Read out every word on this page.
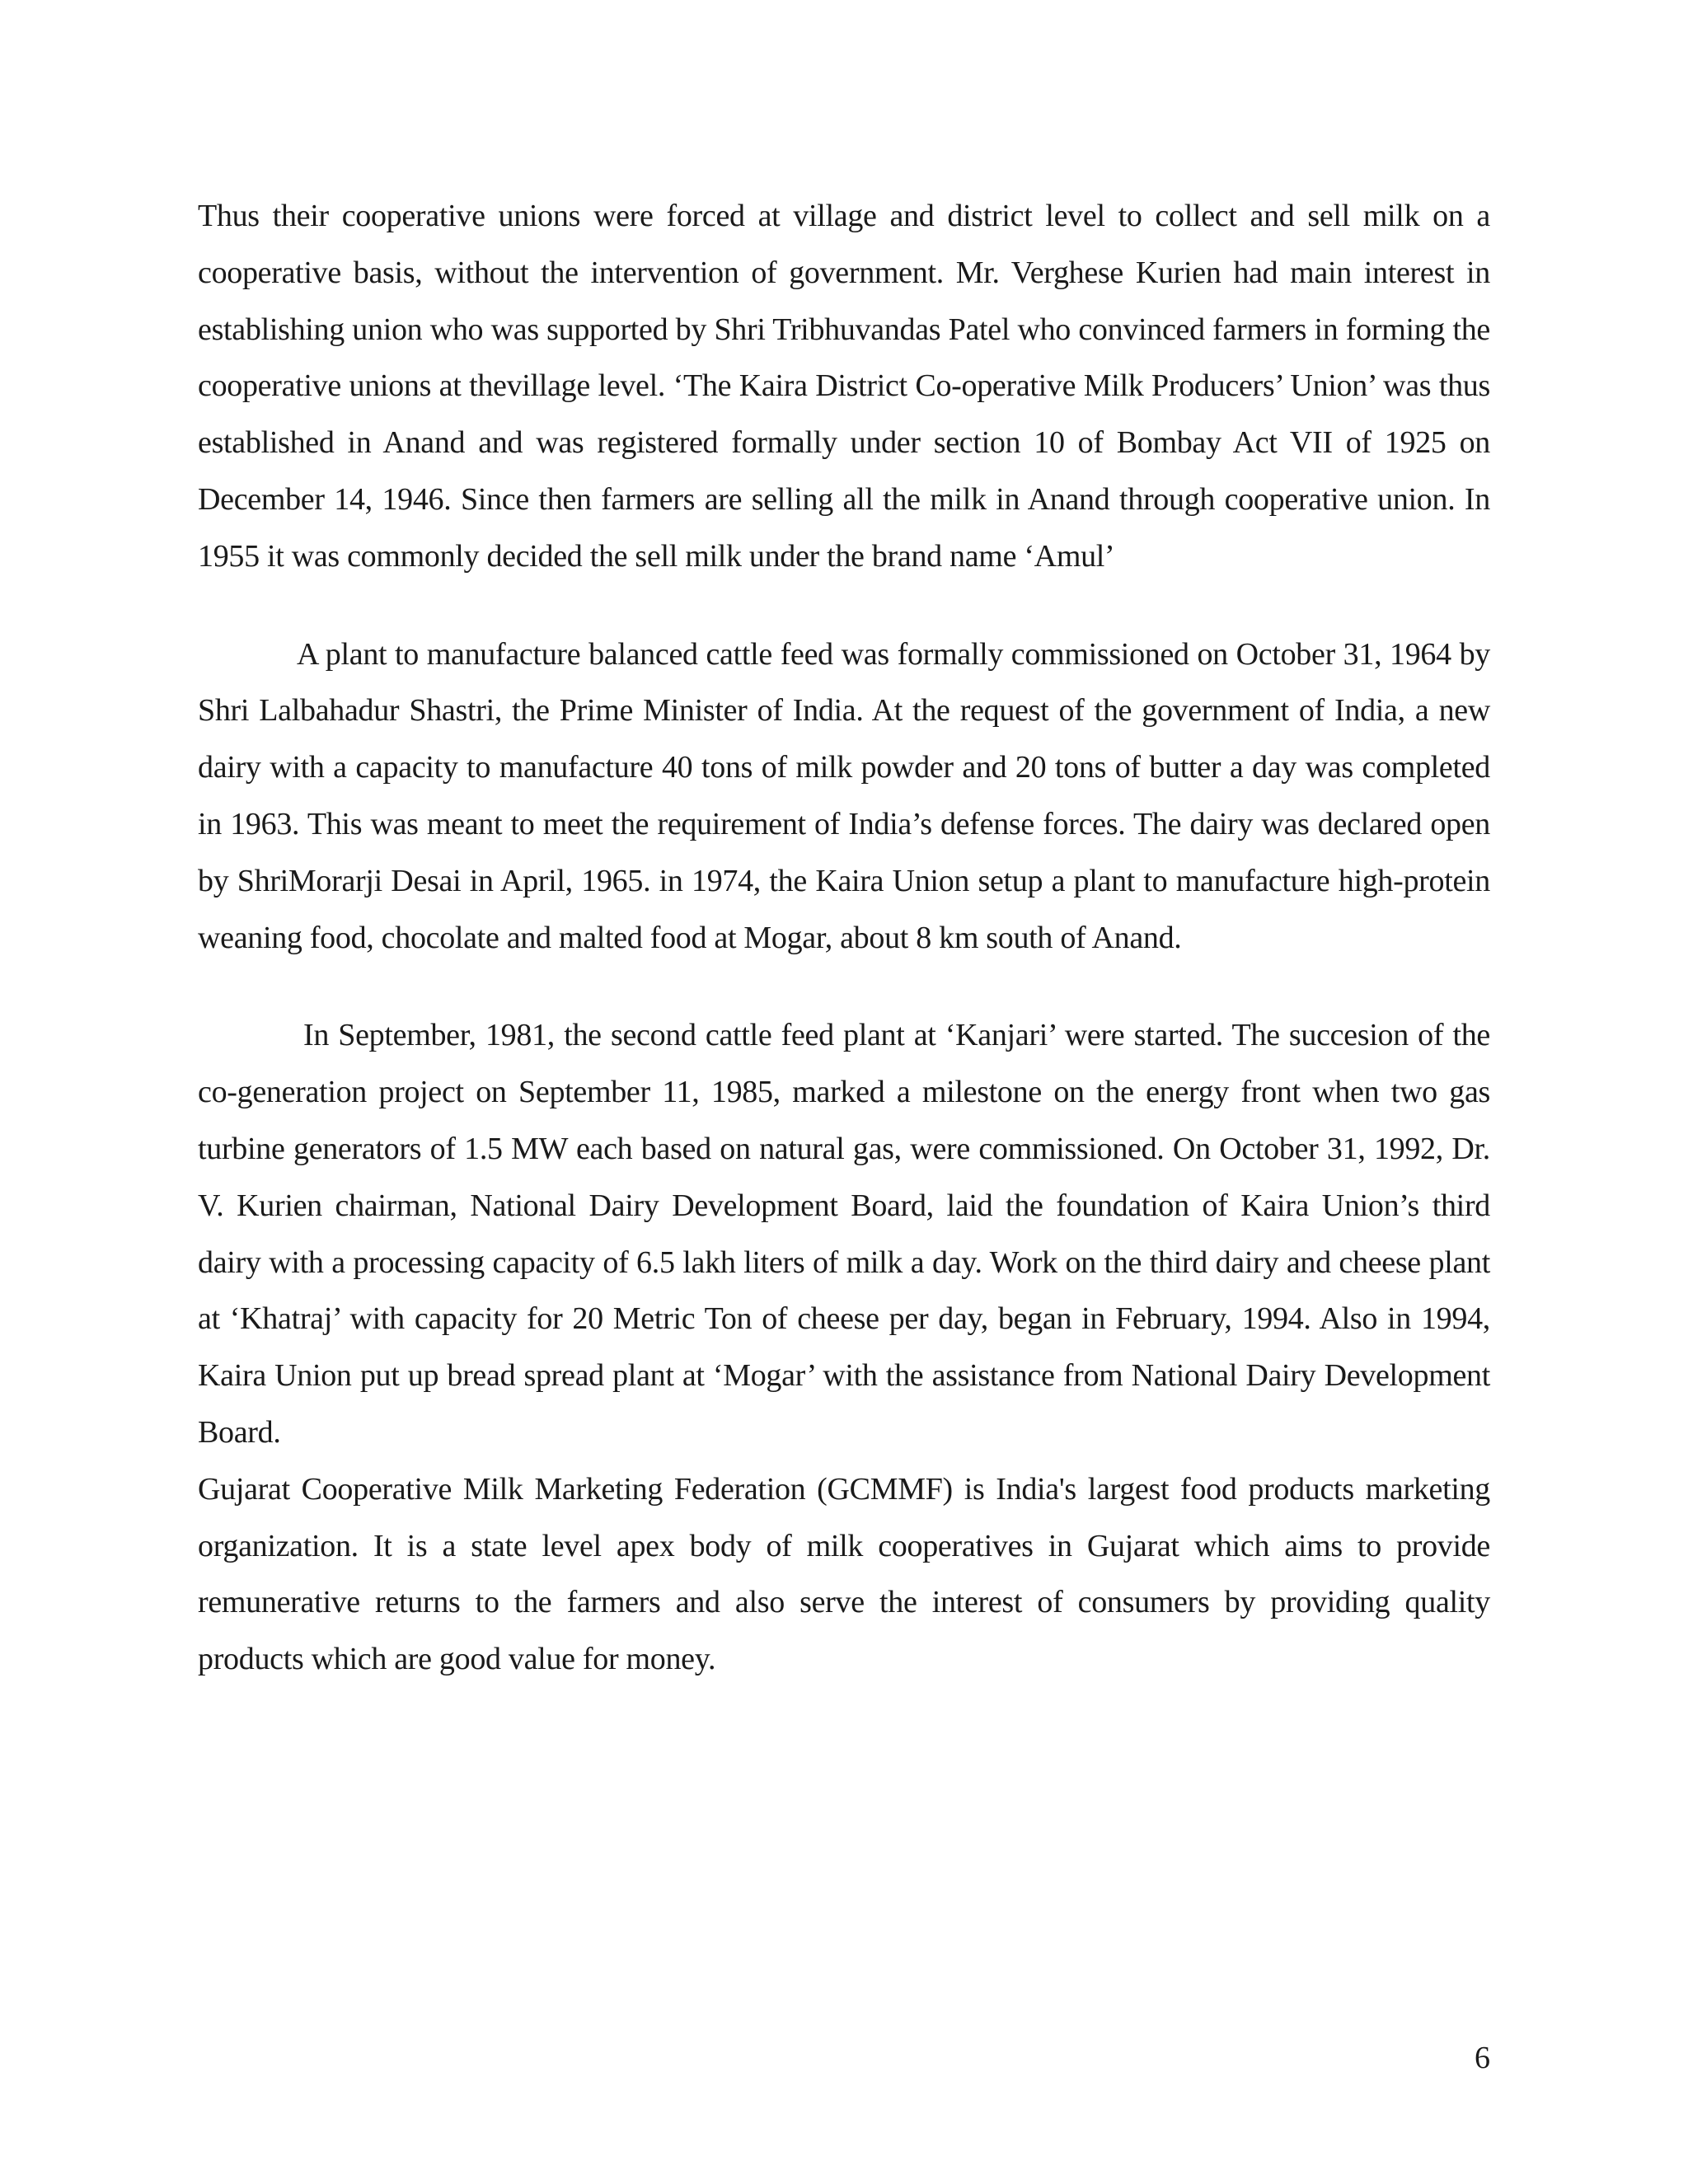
Thus their cooperative unions were forced at village and district level to collect and sell milk on a cooperative basis, without the intervention of government. Mr. Verghese Kurien had main interest in establishing union who was supported by Shri Tribhuvandas Patel who convinced farmers in forming the cooperative unions at thevillage level. ‘The Kaira District Co-operative Milk Producers’ Union’ was thus established in Anand and was registered formally under section 10 of Bombay Act VII of 1925 on December 14, 1946. Since then farmers are selling all the milk in Anand through cooperative union. In 1955 it was commonly decided the sell milk under the brand name ‘Amul’

A plant to manufacture balanced cattle feed was formally commissioned on October 31, 1964 by Shri Lalbahadur Shastri, the Prime Minister of India. At the request of the government of India, a new dairy with a capacity to manufacture 40 tons of milk powder and 20 tons of butter a day was completed in 1963. This was meant to meet the requirement of India’s defense forces. The dairy was declared open by ShriMorarji Desai in April, 1965. in 1974, the Kaira Union setup a plant to manufacture high-protein weaning food, chocolate and malted food at Mogar, about 8 km south of Anand.

In September, 1981, the second cattle feed plant at ‘Kanjari’ were started. The succesion of the co-generation project on September 11, 1985, marked a milestone on the energy front when two gas turbine generators of 1.5 MW each based on natural gas, were commissioned. On October 31, 1992, Dr. V. Kurien chairman, National Dairy Development Board, laid the foundation of Kaira Union’s third dairy with a processing capacity of 6.5 lakh liters of milk a day. Work on the third dairy and cheese plant at ‘Khatraj’ with capacity for 20 Metric Ton of cheese per day, began in February, 1994. Also in 1994, Kaira Union put up bread spread plant at ‘Mogar’ with the assistance from National Dairy Development Board.

Gujarat Cooperative Milk Marketing Federation (GCMMF) is India's largest food products marketing organization. It is a state level apex body of milk cooperatives in Gujarat which aims to provide remunerative returns to the farmers and also serve the interest of consumers by providing quality products which are good value for money.

6
